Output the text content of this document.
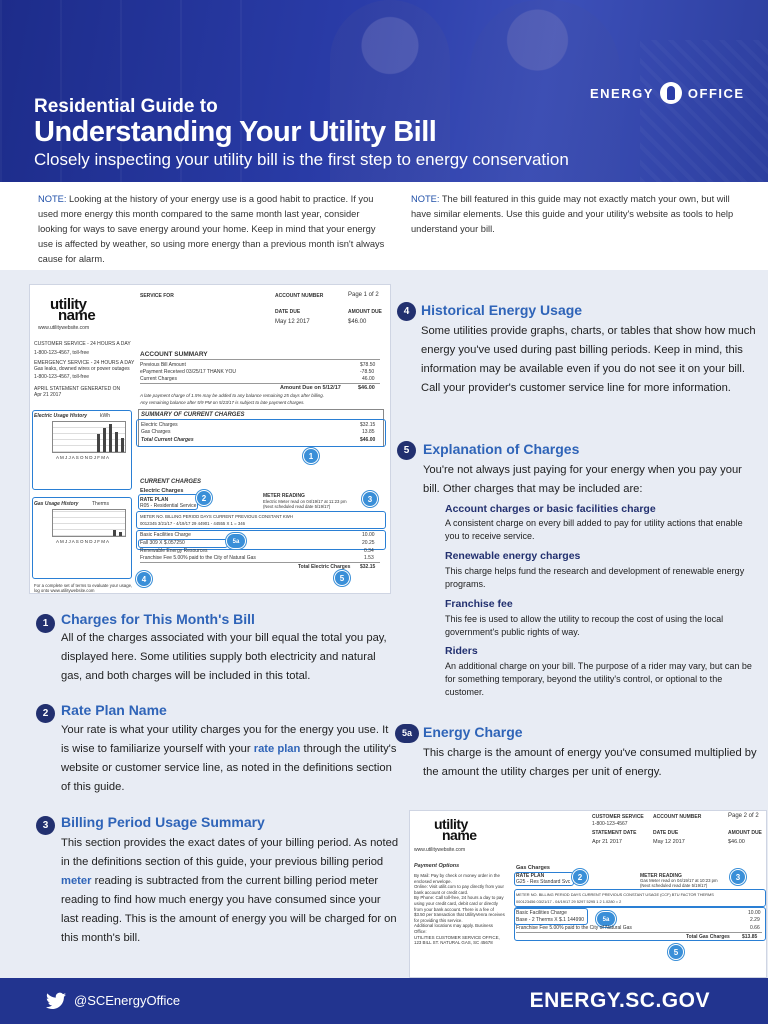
ENERGY	OFFICE
Residential Guide to
Understanding Your Utility Bill
Closely inspecting your utility bill is the first step to energy conservation

NOTE: Looking at the history of your energy use is a good habit to practice. If you used more energy this month compared to the same month last year, consider looking for ways to save energy around your home. Keep in mind that your energy use is affected by weather, so using more energy than a previous month isn't always cause for alarm.

NOTE: The bill featured in this guide may not exactly match your own, but will have similar elements. Use this guide and your utility's website as tools to help understand your bill.

utility
name
www.utilitywebsite.com
SERVICE FOR	ACCOUNT NUMBER	Page 1 of 2
DATE DUE
May 12 2017
AMOUNT DUE
$46.00
CUSTOMER SERVICE - 24 HOURS A DAY
1-800-123-4567, toll-free
EMERGENCY SERVICE - 24 HOURS A DAY
Gas leaks, downed wires or power outages
1-800-123-4567, toll-free
APRIL STATEMENT GENERATED ON
Apr 21 2017
ACCOUNT SUMMARY
Previous Bill Amount	$78.50
ePayment Received 03/25/17 THANK YOU	-78.50
Current Charges	46.00
Amount Due on 5/12/17	$46.00
A late payment charge of 1.5% may be added to any balance remaining 25 days after billing.
Any remaining balance after 5/9 PM on 5/23/17 is subject to late payment charges.
SUMMARY OF CURRENT CHARGES
Electric Charges	$32.15
Gas Charges	13.85
Total Current Charges	$46.00
1
Electric Usage History	kWh
A M J J A S O N D J F M A
Gas Usage History	Therms
A M J J A S O N D J F M A
4
CURRENT CHARGES
Electric Charges
RATE PLAN
R05 - Residential Service
2	METER READING
Electric Meter read on 04/19/17 at 11:23 pm
(Next scheduled read date 5/19/17)
3
METER NO. BILLING PERIOD DAYS CURRENT PREVIOUS CONSTANT KWH
0012345 3/21/17 - 4/19/17 29 44901 - 44555 X 1 = 346
Basic Facilities Charge	10.00
Fall 309 X $.057250	20.25
5a
Renewable Energy Resources	0.34
Franchise Fee 5.00% paid to the City of Natural Gas	1.53
Total Electric Charges $32.15
5
For a complete set of terms to evaluate your usage,
log onto www.utilitywebsite.com
1 Charges for This Month's Bill
All of the charges associated with your bill equal the total you pay, displayed here. Some utilities supply both electricity and natural gas, and both charges will be included in this total.
2 Rate Plan Name
Your rate is what your utility charges you for the energy you use. It is wise to familiarize yourself with your rate plan through the utility's website or customer service line, as noted in the definitions section of this guide.
3 Billing Period Usage Summary
This section provides the exact dates of your billing period. As noted in the definitions section of this guide, your previous billing period meter reading is subtracted from the current billing period meter reading to find how much energy you have consumed since your last reading. This is the amount of energy you will be charged for on this month's bill.
4 Historical Energy Usage
Some utilities provide graphs, charts, or tables that show how much energy you've used during past billing periods. Keep in mind, this information may be available even if you do not see it on your bill. Call your provider's customer service line for more information.
5 Explanation of Charges
You're not always just paying for your energy when you pay your bill. Other charges that may be included are:
Account charges or basic facilities charge
A consistent charge on every bill added to pay for utility actions that enable you to receive service.
Renewable energy charges
This charge helps fund the research and development of renewable energy programs.
Franchise fee
This fee is used to allow the utility to recoup the cost of using the local government's public rights of way.
Riders
An additional charge on your bill. The purpose of a rider may vary, but can be for something temporary, beyond the utility's control, or optional to the customer.
5a Energy Charge
This charge is the amount of energy you've consumed multiplied by the amount the utility charges per unit of energy.
utility
name
www.utilitywebsite.com
CUSTOMER SERVICE
1-800-123-4567
ACCOUNT NUMBER	Page 2 of 2
STATEMENT DATE
Apr 21 2017
DATE DUE
May 12 2017
AMOUNT DUE
$46.00
Payment Options
By Mail: Pay by check or money order in the enclosed envelope.
Online: Visit utilit.com to pay directly from your bank account or credit card.
By Phone: Call toll-free, 24 hours a day to pay using your credit card, debit card or directly from your bank account. There is a fee of $3.50 per transaction that UtilityVenra receives for providing this service.
Additional locations may apply. Business Office:
UTILITIES CUSTOMER SERVICE OFFICE, 123 BILL ST. NATURAL GAS, SC 45678
Gas Charges
RATE PLAN
G25 - Res Standard Svc 2	METER READING
Gas Meter read on 04/19/17 at 10:23 pm
(Next scheduled read date 5/19/17)
3
METER NO. BILLING PERIOD DAYS CURRENT PREVIOUS CONSTANT USAGE (CCF) BTU FACTOR THERMS
000123456 03/21/17 - 04/19/17 29 5297 5295 1 2 1.0280 = 2
Basic Facilities Charge	10.00
Base - 2 Therms X $.1 144990	2.29
5a
Franchise Fee 5.00% paid to the City of Natural Gas	0.66
Total Gas Charges $13.85
5
@SCEnergyOffice	ENERGY.SC.GOV
